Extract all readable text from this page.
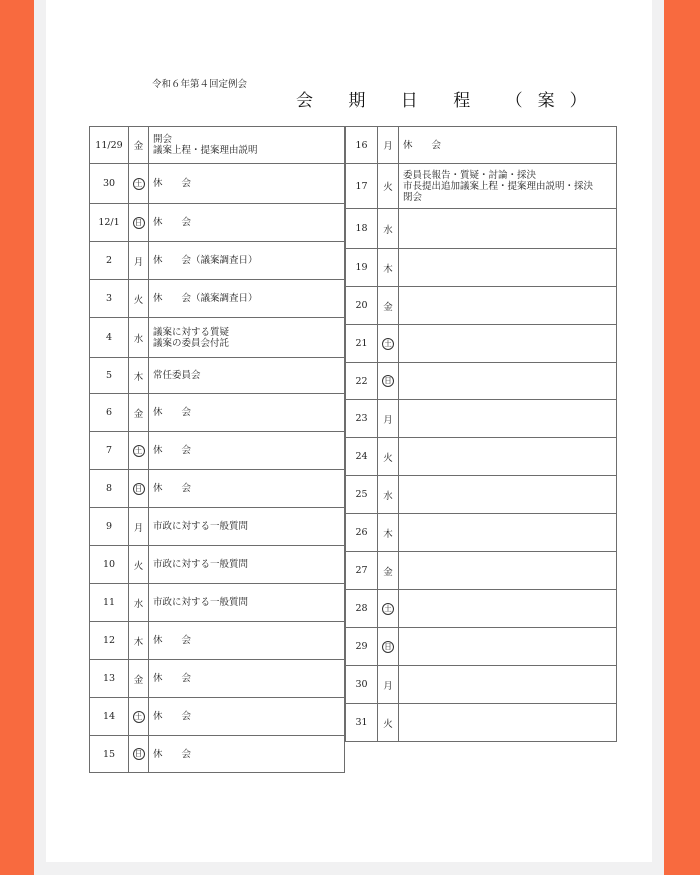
令和６年第４回定例会
会 期 日 程 （案）
11/29	金	開会
議案上程・提案理由説明

30	土	休　　会

12/1	日	休　　会

2	月	休　　会（議案調査日）

3	火	休　　会（議案調査日）

4	水	議案に対する質疑
議案の委員会付託

5	木	常任委員会

6	金	休　　会

7	土	休　　会

8	日	休　　会

9	月	市政に対する一般質問

10	火	市政に対する一般質問

11	水	市政に対する一般質問

12	木	休　　会

13	金	休　　会

14	土	休　　会

15	日	休　　会
16	月	休　　会

17	火	委員長報告・質疑・討論・採決
市長提出追加議案上程・提案理由説明・採決
閉会

18	水	
19	木	
20	金	
21	土	
22	日	
23	月	
24	火	
25	水	
26	木	
27	金	
28	土	
29	日	
30	月	
31	火	
